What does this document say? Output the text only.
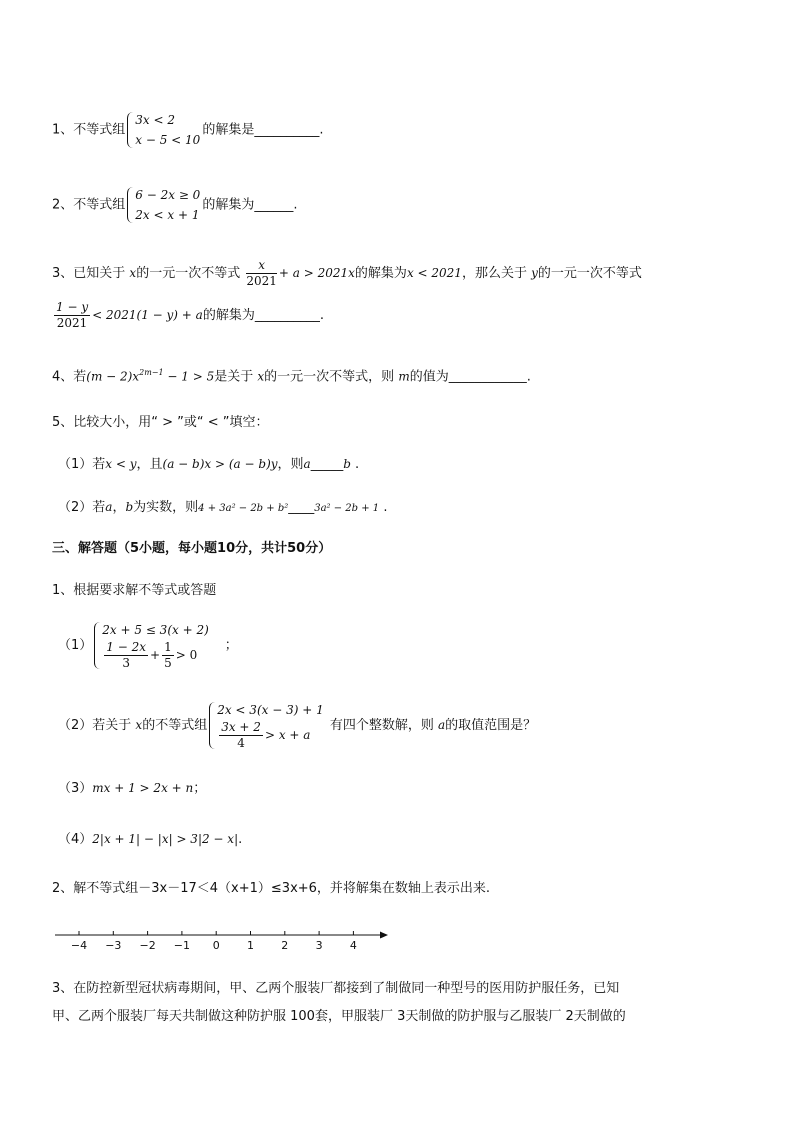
1、不等式组
3x < 2
x − 5 < 10
的解集是__________.
2、不等式组
6 − 2x ≥ 0
2x < x + 1
的解集为______.
3、已知关于 x的一元一次不等式 $\frac{x}{2021} + a > 2021x$的解集为x < 2021，那么关于 y的一元一次不等式
$\frac{1 - y}{2021} < 2021(1 - y) + a$的解集为__________.
4、若$(m - 2)x^{2m-1} - 1 > 5$是关于 x的一元一次不等式，则 m的值为____________.
5、比较大小，用“ > ”或“ < ”填空：
（1）若x < y，且(a − b)x > (a − b)y，则a_____b .
（2）若a，b为实数，则4 + 3a² − 2b + b²____3a² − 2b + 1 .
三、解答题（5小题，每小题10分，共计50分）
1、根据要求解不等式或答题
（1）
2x + 5 ≤ 3(x + 2)
$\frac{1 - 2x}{3} + \frac{1}{5} > 0$
；
（2）若关于 x的不等式组
2x < 3(x − 3) + 1
$\frac{3x + 2}{4} > x + a$
有四个整数解，则 a的取值范围是？
（3）mx + 1 > 2x + n；
（4）2|x + 1| − |x| > 3|2 − x|.
2、解不等式组－3x－17＜4（x+1）≤3x+6，并将解集在数轴上表示出来.
−4 −3 −2 −1 0 1 2 3 4
3、在防控新型冠状病毒期间，甲、乙两个服装厂都接到了制做同一种型号的医用防护服任务，已知
甲、乙两个服装厂每天共制做这种防护服 100套，甲服装厂 3天制做的防护服与乙服装厂 2天制做的
